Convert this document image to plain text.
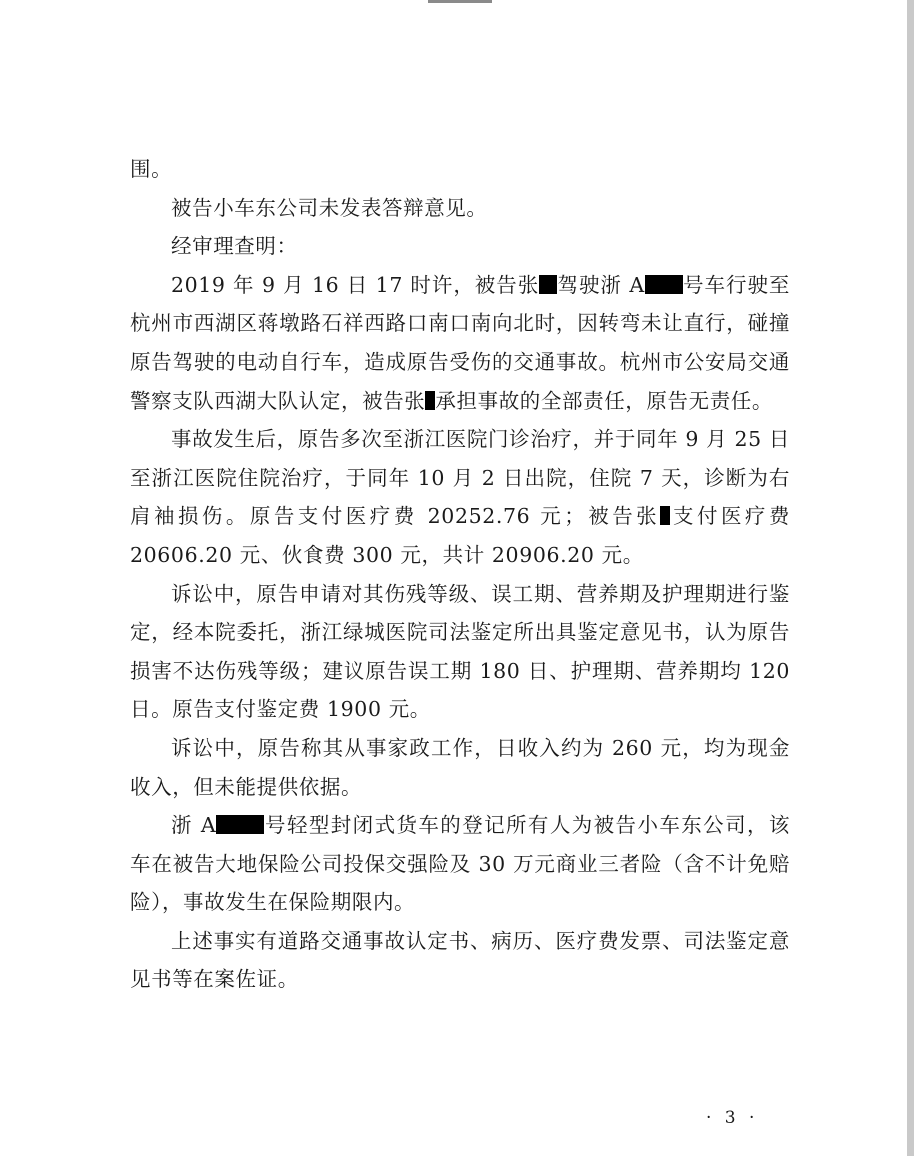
围。

被告小车东公司未发表答辩意见。

经审理查明：

2019 年 9 月 16 日 17 时许，被告张 驾驶浙 A 号车行驶至杭州市西湖区蒋墩路石祥西路口南口南向北时，因转弯未让直行，碰撞原告驾驶的电动自行车，造成原告受伤的交通事故。杭州市公安局交通警察支队西湖大队认定，被告张 承担事故的全部责任，原告无责任。

事故发生后，原告多次至浙江医院门诊治疗，并于同年 9 月 25 日至浙江医院住院治疗，于同年 10 月 2 日出院，住院 7 天，诊断为右肩袖损伤。原告支付医疗费 20252.76 元；被告张 支付医疗费 20606.20 元、伙食费 300 元，共计 20906.20 元。

诉讼中，原告申请对其伤残等级、误工期、营养期及护理期进行鉴定，经本院委托，浙江绿城医院司法鉴定所出具鉴定意见书，认为原告损害不达伤残等级；建议原告误工期 180 日、护理期、营养期均 120 日。原告支付鉴定费 1900 元。

诉讼中，原告称其从事家政工作，日收入约为 260 元，均为现金收入，但未能提供依据。

浙 A 号轻型封闭式货车的登记所有人为被告小车东公司，该车在被告大地保险公司投保交强险及 30 万元商业三者险（含不计免赔险），事故发生在保险期限内。

上述事实有道路交通事故认定书、病历、医疗费发票、司法鉴定意见书等在案佐证。

· 3 ·
